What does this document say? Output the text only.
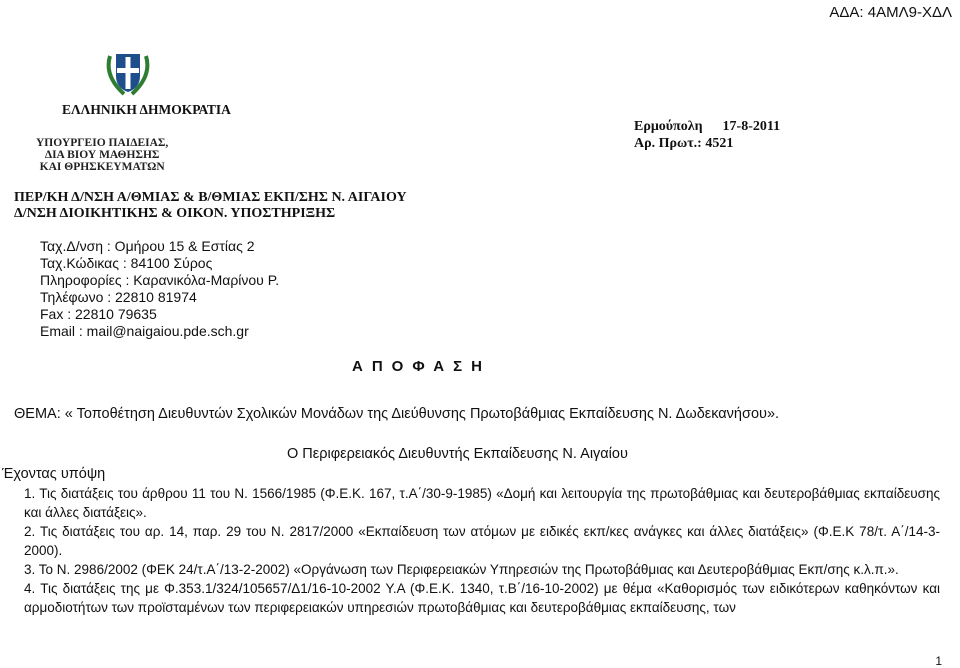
ΑΔΑ: 4ΑΜΛ9-ΧΔΛ
ΕΛΛΗΝΙΚΗ ΔΗΜΟΚΡΑΤΙΑ
ΥΠΟΥΡΓΕΙΟ ΠΑΙΔΕΙΑΣ,
ΔΙΑ ΒΙΟΥ ΜΑΘΗΣΗΣ
ΚΑΙ ΘΡΗΣΚΕΥΜΑΤΩΝ
Ερμούπολη 17-8-2011
Αρ. Πρωτ.: 4521
ΠΕΡ/ΚΗ Δ/ΝΣΗ Α/ΘΜΙΑΣ & Β/ΘΜΙΑΣ ΕΚΠ/ΣΗΣ Ν. ΑΙΓΑΙΟΥ
Δ/ΝΣΗ ΔΙΟΙΚΗΤΙΚΗΣ & ΟΙΚΟΝ. ΥΠΟΣΤΗΡΙΞΗΣ
Ταχ.Δ/νση : Ομήρου 15 & Εστίας 2
Ταχ.Κώδικας : 84100 Σύρος
Πληροφορίες : Καρανικόλα-Μαρίνου Ρ.
Τηλέφωνο : 22810 81974
Fax : 22810 79635
Email : mail@naigaiou.pde.sch.gr
ΑΠΟΦΑΣΗ
ΘΕΜΑ: « Τοποθέτηση Διευθυντών Σχολικών Μονάδων της Διεύθυνσης Πρωτοβάθμιας Εκπαίδευσης Ν. Δωδεκανήσου».
Ο Περιφερειακός Διευθυντής Εκπαίδευσης Ν. Αιγαίου
Έχοντας υπόψη
1. Τις διατάξεις του άρθρου 11 του Ν. 1566/1985 (Φ.Ε.Κ. 167, τ.Α΄/30-9-1985) «Δομή και λειτουργία της πρωτοβάθμιας και δευτεροβάθμιας εκπαίδευσης και άλλες διατάξεις».
2. Τις διατάξεις του αρ. 14, παρ. 29 του Ν. 2817/2000 «Εκπαίδευση των ατόμων με ειδικές εκπ/κες ανάγκες και άλλες διατάξεις» (Φ.Ε.Κ 78/τ. Α΄/14-3-2000).
3. Το Ν. 2986/2002 (ΦΕΚ 24/τ.Α΄/13-2-2002) «Οργάνωση των Περιφερειακών Υπηρεσιών της Πρωτοβάθμιας και Δευτεροβάθμιας Εκπ/σης κ.λ.π.».
4. Τις διατάξεις της με Φ.353.1/324/105657/Δ1/16-10-2002 Υ.Α (Φ.Ε.Κ. 1340, τ.Β΄/16-10-2002) με θέμα «Καθορισμός των ειδικότερων καθηκόντων και αρμοδιοτήτων των προϊσταμένων των περιφερειακών υπηρεσιών πρωτοβάθμιας και δευτεροβάθμιας εκπαίδευσης, των
1
